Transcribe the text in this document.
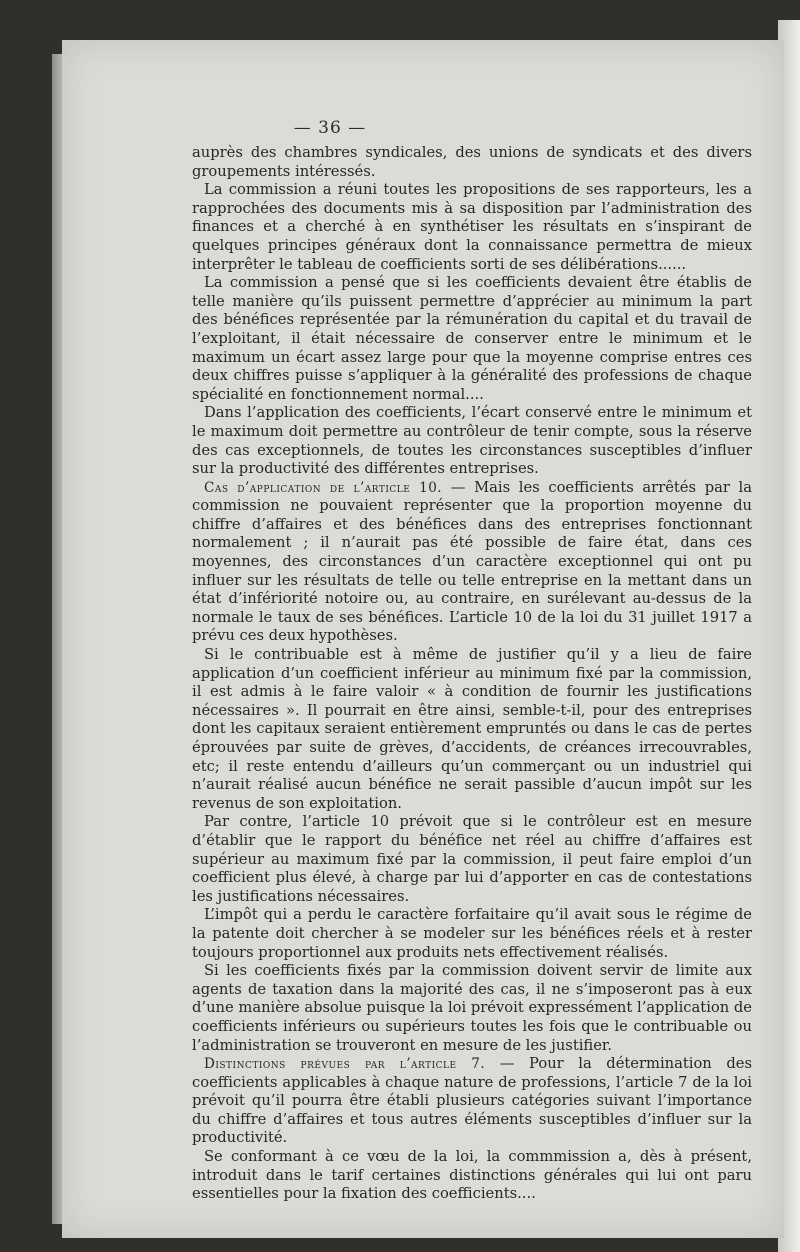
— 36 —

auprès des chambres syndicales, des unions de syndicats et des divers groupements intéressés.

La commission a réuni toutes les propositions de ses rapporteurs, les a rapprochées des documents mis à sa disposition par l’administration des finances et a cherché à en synthétiser les résultats en s’inspirant de quelques principes généraux dont la connaissance permettra de mieux interprêter le tableau de coefficients sorti de ses délibérations......

La commission a pensé que si les coefficients devaient être établis de telle manière qu’ils puissent permettre d’apprécier au minimum la part des bénéfices représentée par la rémunération du capital et du travail de l’exploitant, il était nécessaire de conserver entre le minimum et le maximum un écart assez large pour que la moyenne comprise entres ces deux chiffres puisse s’appliquer à la généralité des professions de chaque spécialité en fonctionnement normal....

Dans l’application des coefficients, l’écart conservé entre le minimum et le maximum doit permettre au contrôleur de tenir compte, sous la réserve des cas exceptionnels, de toutes les circonstances susceptibles d’influer sur la productivité des différentes entreprises.

Cas d’application de l’article 10. — Mais les coefficients arrêtés par la commission ne pouvaient représenter que la proportion moyenne du chiffre d’affaires et des bénéfices dans des entreprises fonctionnant normalement ; il n’aurait pas été possible de faire état, dans ces moyennes, des circonstances d’un caractère exceptionnel qui ont pu influer sur les résultats de telle ou telle entreprise en la mettant dans un état d’infériorité notoire ou, au contraire, en surélevant au-dessus de la normale le taux de ses bénéfices. L’article 10 de la loi du 31 juillet 1917 a prévu ces deux hypothèses.

Si le contribuable est à même de justifier qu’il y a lieu de faire application d’un coefficient inférieur au minimum fixé par la commission, il est admis à le faire valoir « à condition de fournir les justifications nécessaires ». Il pourrait en être ainsi, semble-t-il, pour des entreprises dont les capitaux seraient entièrement empruntés ou dans le cas de pertes éprouvées par suite de grèves, d’accidents, de créances irrecouvrables, etc; il reste entendu d’ailleurs qu’un commerçant ou un industriel qui n’aurait réalisé aucun bénéfice ne serait passible d’aucun impôt sur les revenus de son exploitation.

Par contre, l’article 10 prévoit que si le contrôleur est en mesure d’établir que le rapport du bénéfice net réel au chiffre d’affaires est supérieur au maximum fixé par la commission, il peut faire emploi d’un coefficient plus élevé, à charge par lui d’apporter en cas de contestations les justifications nécessaires.

L’impôt qui a perdu le caractère forfaitaire qu’il avait sous le régime de la patente doit chercher à se modeler sur les bénéfices réels et à rester toujours proportionnel aux produits nets effectivement réalisés.

Si les coefficients fixés par la commission doivent servir de limite aux agents de taxation dans la majorité des cas, il ne s’imposeront pas à eux d’une manière absolue puisque la loi prévoit expressément l’application de coefficients inférieurs ou supérieurs toutes les fois que le contribuable ou l’administration se trouveront en mesure de les justifier.

Distinctions prévues par l’article 7. — Pour la détermination des coefficients applicables à chaque nature de professions, l’article 7 de la loi prévoit qu’il pourra être établi plusieurs catégories suivant l’importance du chiffre d’affaires et tous autres éléments susceptibles d’influer sur la productivité.

Se conformant à ce vœu de la loi, la commmission a, dès à présent, introduit dans le tarif certaines distinctions générales qui lui ont paru essentielles pour la fixation des coefficients....
